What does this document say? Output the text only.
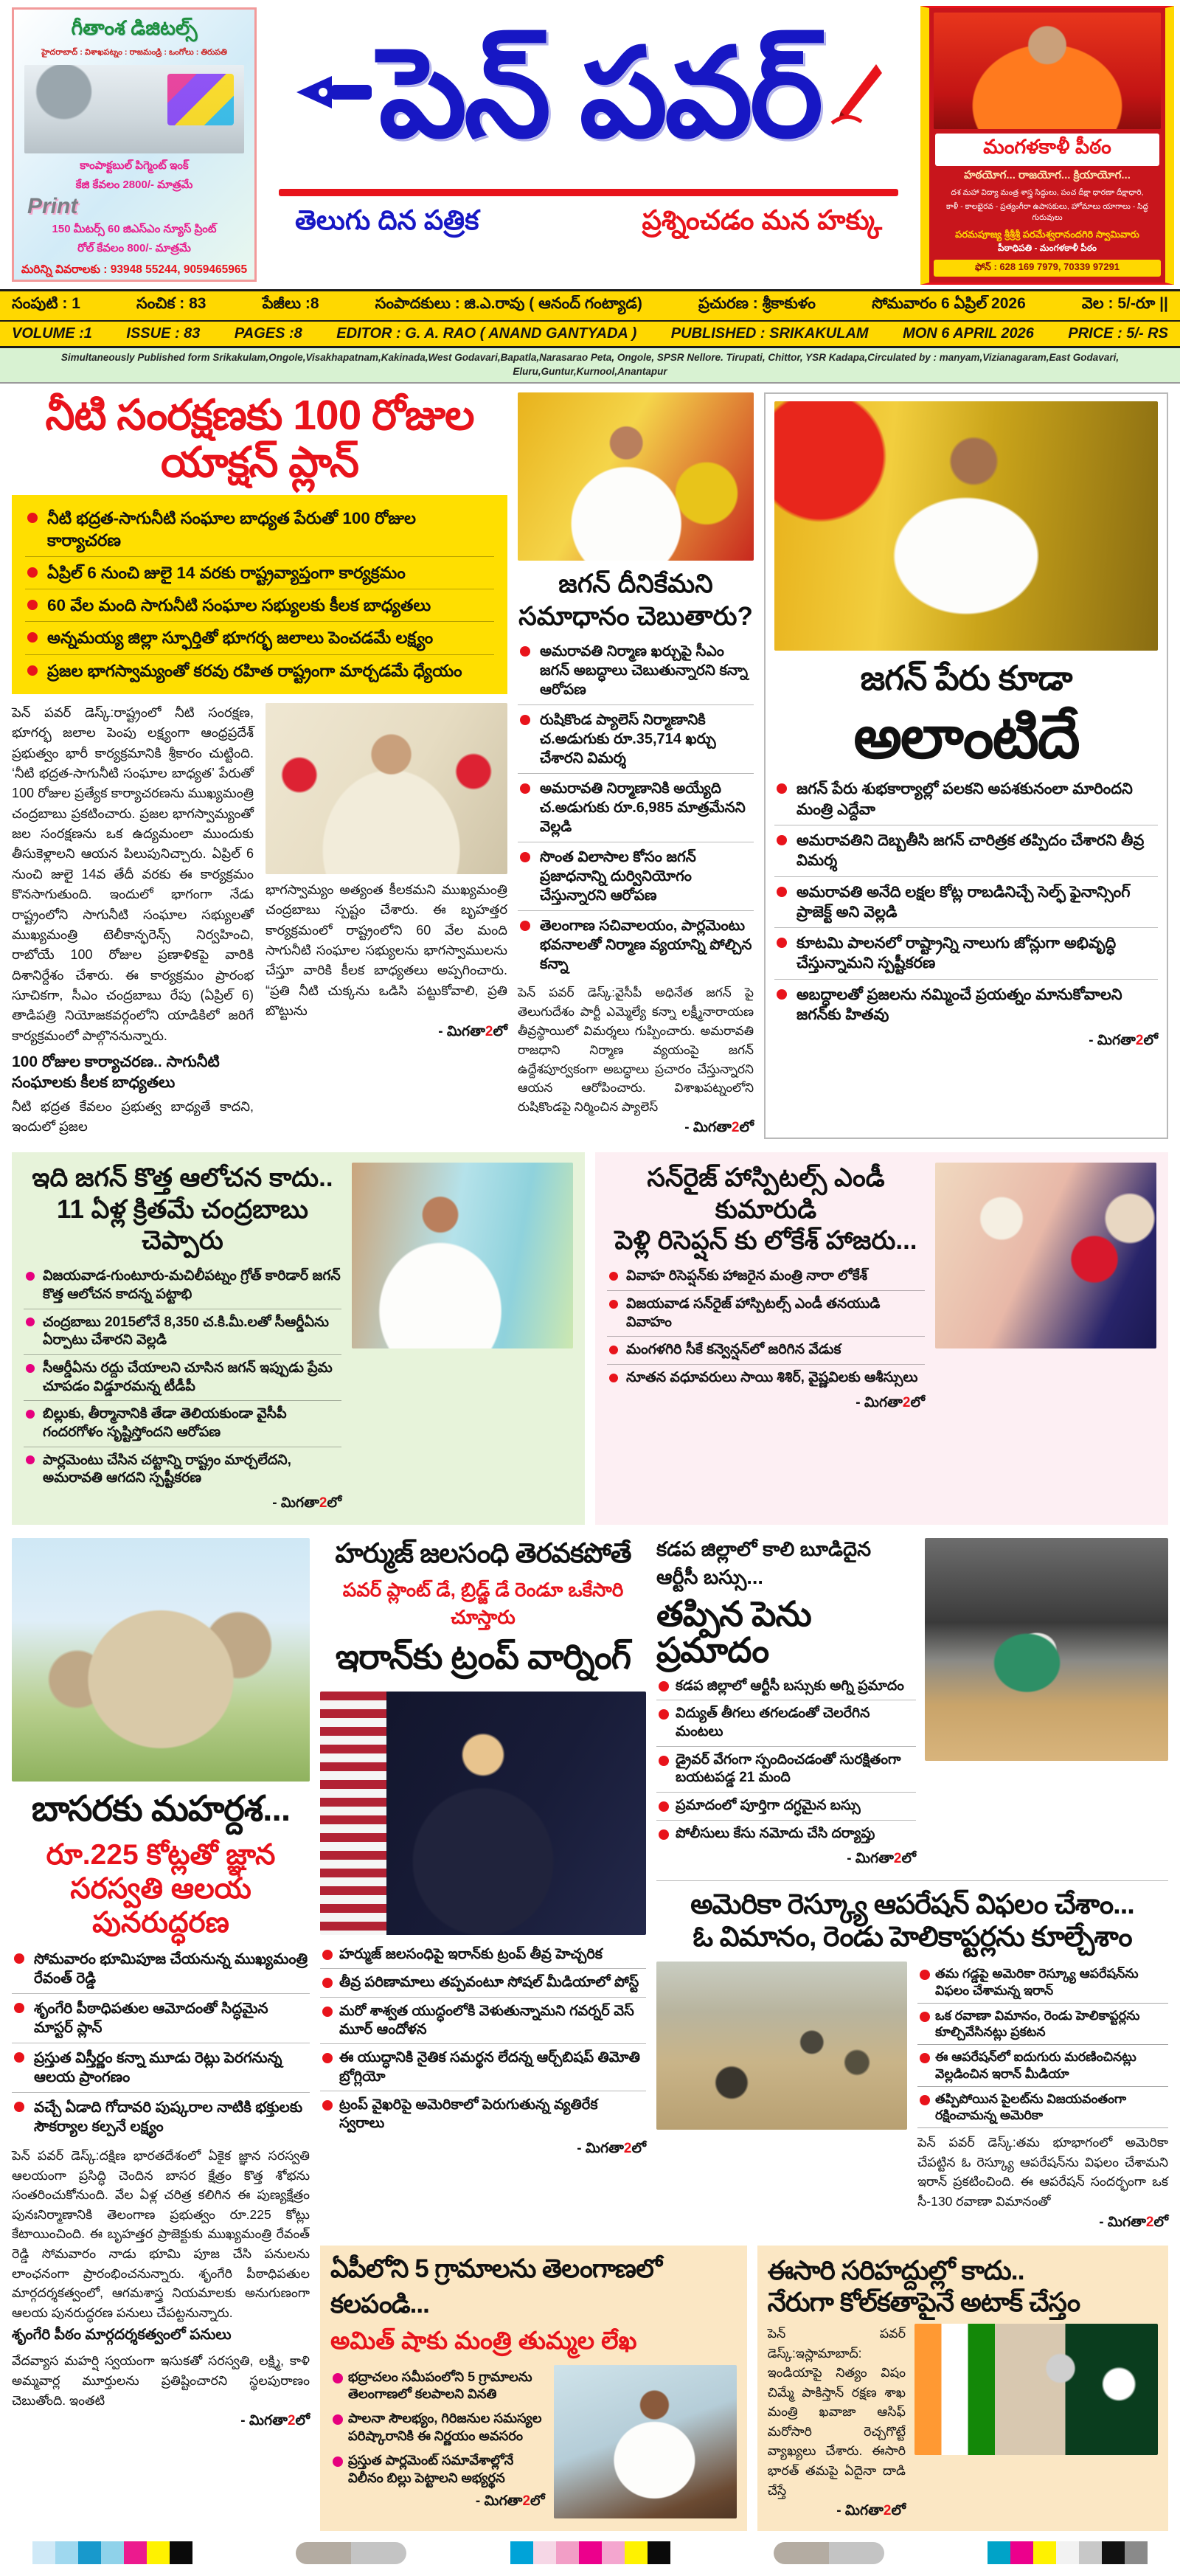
గీతాంశ డిజిటల్స్
హైదరాబాద్ : విశాఖపట్నం : రాజమండ్రి : ఒంగోలు : తిరుపతి
కాంపాక్టబుల్ పిగ్మెంట్ ఇంక్
కేజి కేవలం 2800/- మాత్రమే
Print
150 మీటర్స్ 60 జిఎస్ఎం న్యూస్ ప్రింట్
రోల్ కేవలం 800/- మాత్రమే
మరిన్ని వివరాలకు : 93948 55244, 9059465965
పెన్ పవర్
తెలుగు దిన పత్రిక	ప్రశ్నించడం మన హక్కు
మంగళకాళీ పీఠం
హఠయోగ... రాజయోగ... క్రియాయోగ...
దశ మహా విద్యా మంత్ర శాస్త్ర సిద్ధులు, పంచ దీక్షా ధారణా దీక్షాధారి,
కాళీ - కాలభైరవ - ప్రత్యంగీరా ఉపాసకులు, హోమాలు యాగాలు - సిద్ధ గురువులు
పరమపూజ్య శ్రీశ్రీశ్రీ పరమేశ్వరానందగిరి స్వామివారు
పీఠాధిపతి - మంగళకాళీ పీఠం
ఫోన్ : 628 169 7979, 70339 97291
సంపుటి : 1	సంచిక : 83	పేజీలు :8	సంపాదకులు : జి.ఎ.రావు ( ఆనంద్ గంట్యాడ)	ప్రచురణ : శ్రీకాకుళం	సోమవారం 6 ఏప్రిల్ 2026	వెల : 5/-రూ ||
VOLUME :1 ISSUE : 83 PAGES :8 EDITOR : G. A. RAO ( ANAND GANTYADA ) PUBLISHED : SRIKAKULAM MON 6 APRIL 2026 PRICE : 5/- RS
Simultaneously Published form Srikakulam,Ongole,Visakhapatnam,Kakinada,West Godavari,Bapatla,Narasarao Peta, Ongole, SPSR Nellore. Tirupati, Chittor, YSR Kadapa,Circulated by : manyam,Vizianagaram,East Godavari, Eluru,Guntur,Kurnool,Anantapur
నీటి సంరక్షణకు 100 రోజుల యాక్షన్ ప్లాన్
నీటి భద్రత-సాగునీటి సంఘాల బాధ్యత పేరుతో 100 రోజుల కార్యాచరణ
ఏప్రిల్ 6 నుంచి జులై 14 వరకు రాష్ట్రవ్యాప్తంగా కార్యక్రమం
60 వేల మంది సాగునీటి సంఘాల సభ్యులకు కీలక బాధ్యతలు
అన్నమయ్య జిల్లా స్ఫూర్తితో భూగర్భ జలాలు పెంచడమే లక్ష్యం
ప్రజల భాగస్వామ్యంతో కరవు రహిత రాష్ట్రంగా మార్చడమే ధ్యేయం

పెన్ పవర్ డెస్క్:రాష్ట్రంలో నీటి సంరక్షణ, భూగర్భ జలాల పెంపు లక్ష్యంగా ఆంధ్రప్రదేశ్ ప్రభుత్వం భారీ కార్యక్రమానికి శ్రీకారం చుట్టింది. ‘నీటి భద్రత-సాగునీటి సంఘాల బాధ్యత’ పేరుతో 100 రోజుల ప్రత్యేక కార్యాచరణను ముఖ్యమంత్రి చంద్రబాబు ప్రకటించారు. ప్రజల భాగస్వామ్యంతో జల సంరక్షణను ఒక ఉద్యమంలా ముందుకు తీసుకెళ్లాలని ఆయన పిలుపునిచ్చారు. ఏప్రిల్ 6 నుంచి జులై 14వ తేదీ వరకు ఈ కార్యక్రమం కొనసాగుతుంది. ఇందులో భాగంగా నేడు రాష్ట్రంలోని సాగునీటి సంఘాల సభ్యులతో ముఖ్యమంత్రి టెలీకాన్ఫరెన్స్ నిర్వహించి, రాబోయే 100 రోజుల ప్రణాళికపై వారికి దిశానిర్దేశం చేశారు. ఈ కార్యక్రమం ప్రారంభ సూచికగా, సీఎం చంద్రబాబు రేపు (ఏప్రిల్ 6) తాడిపత్రి నియోజకవర్గంలోని యాడికిలో జరిగే కార్యక్రమంలో పాల్గొననున్నారు.

100 రోజుల కార్యాచరణ.. సాగునీటి సంఘాలకు కీలక బాధ్యతలు

నీటి భద్రత కేవలం ప్రభుత్వ బాధ్యతే కాదని, ఇందులో ప్రజల

భాగస్వామ్యం అత్యంత కీలకమని ముఖ్యమంత్రి చంద్రబాబు స్పష్టం చేశారు. ఈ బృహత్తర కార్యక్రమంలో రాష్ట్రంలోని 60 వేల మంది సాగునీటి సంఘాల సభ్యులను భాగస్వాములను చేస్తూ వారికి కీలక బాధ్యతలు అప్పగించారు. “ప్రతి నీటి చుక్కను ఒడిసి పట్టుకోవాలి, ప్రతి బొట్టును

- మిగతా2లో
జగన్ దీనికేమని సమాధానం చెబుతారు?
అమరావతి నిర్మాణ ఖర్చుపై సీఎం జగన్ అబద్ధాలు చెబుతున్నారని కన్నా ఆరోపణ
రుషికొండ ప్యాలెస్ నిర్మాణానికి చ.అడుగుకు రూ.35,714 ఖర్చు చేశారని విమర్శ
అమరావతి నిర్మాణానికి అయ్యేది చ.అడుగుకు రూ.6,985 మాత్రమేనని వెల్లడి
సొంత విలాసాల కోసం జగన్ ప్రజాధనాన్ని దుర్వినియోగం చేస్తున్నారని ఆరోపణ
తెలంగాణ సచివాలయం, పార్లమెంటు భవనాలతో నిర్మాణ వ్యయాన్ని పోల్చిన కన్నా

పెన్ పవర్ డెస్క్:వైసీపీ అధినేత జగన్ పై తెలుగుదేశం పార్టీ ఎమ్మెల్యే కన్నా లక్ష్మీనారాయణ తీవ్రస్థాయిలో విమర్శలు గుప్పించారు. అమరావతి రాజధాని నిర్మాణ వ్యయంపై జగన్ ఉద్దేశపూర్వకంగా అబద్ధాలు ప్రచారం చేస్తున్నారని ఆయన ఆరోపించారు. విశాఖపట్నంలోని రుషికొండపై నిర్మించిన ప్యాలెస్

- మిగతా2లో
జగన్ పేరు కూడా
అలాంటిదే
జగన్ పేరు శుభకార్యాల్లో పలకని అపశకునంలా మారిందని మంత్రి ఎద్దేవా
అమరావతిని దెబ్బతీసి జగన్ చారిత్రక తప్పిదం చేశారని తీవ్ర విమర్శ
అమరావతి అనేది లక్షల కోట్ల రాబడినిచ్చే సెల్ఫ్ ఫైనాన్సింగ్ ప్రాజెక్ట్ అని వెల్లడి
కూటమి పాలనలో రాష్ట్రాన్ని నాలుగు జోన్లుగా అభివృద్ధి చేస్తున్నామని స్పష్టీకరణ
అబద్ధాలతో ప్రజలను నమ్మించే ప్రయత్నం మానుకోవాలని జగన్‌కు హితవు
- మిగతా2లో
ఇది జగన్ కొత్త ఆలోచన కాదు..
11 ఏళ్ల క్రితమే చంద్రబాబు చెప్పారు
విజయవాడ-గుంటూరు-మచిలీపట్నం గ్రోత్ కారిడార్ జగన్ కొత్త ఆలోచన కాదన్న పట్టాభి
చంద్రబాబు 2015లోనే 8,350 చ.కి.మీ.లతో సీఆర్డీఏను ఏర్పాటు చేశారని వెల్లడి
సీఆర్డీఏను రద్దు చేయాలని చూసిన జగన్ ఇప్పుడు ప్రేమ చూపడం విడ్డూరమన్న టీడీపీ
బిల్లుకు, తీర్మానానికి తేడా తెలియకుండా వైసీపీ గందరగోళం సృష్టిస్తోందని ఆరోపణ
పార్లమెంటు చేసిన చట్టాన్ని రాష్ట్రం మార్చలేదని, అమరావతి ఆగదని స్పష్టీకరణ
- మిగతా2లో
సన్‌రైజ్ హాస్పిటల్స్ ఎండీ కుమారుడి
పెళ్లి రిసెప్షన్ కు లోకేశ్ హాజరు...
వివాహ రిసెప్షన్‌కు హాజరైన మంత్రి నారా లోకేశ్
విజయవాడ సన్‌రైజ్ హాస్పిటల్స్ ఎండీ తనయుడి వివాహం
మంగళగిరి సీకే కన్వెన్షన్‌లో జరిగిన వేడుక
నూతన వధూవరులు సాయి శిశిర్, వైష్ణవిలకు ఆశీస్సులు
- మిగతా2లో
బాసరకు మహర్దశ...
రూ.225 కోట్లతో జ్ఞాన సరస్వతి ఆలయ పునరుద్ధరణ
సోమవారం భూమిపూజ చేయనున్న ముఖ్యమంత్రి రేవంత్ రెడ్డి
శృంగేరి పీఠాధిపతుల ఆమోదంతో సిద్ధమైన మాస్టర్ ప్లాన్
ప్రస్తుత విస్తీర్ణం కన్నా మూడు రెట్లు పెరగనున్న ఆలయ ప్రాంగణం
వచ్చే ఏడాది గోదావరి పుష్కరాల నాటికి భక్తులకు సౌకర్యాల కల్పనే లక్ష్యం

పెన్ పవర్ డెస్క్:దక్షిణ భారతదేశంలో ఏకైక జ్ఞాన సరస్వతి ఆలయంగా ప్రసిద్ధి చెందిన బాసర క్షేత్రం కొత్త శోభను సంతరించుకోనుంది. వేల ఏళ్ల చరిత్ర కలిగిన ఈ పుణ్యక్షేత్రం పునఃనిర్మాణానికి తెలంగాణ ప్రభుత్వం రూ.225 కోట్లు కేటాయించింది. ఈ బృహత్తర ప్రాజెక్టుకు ముఖ్యమంత్రి రేవంత్ రెడ్డి సోమవారం నాడు భూమి పూజ చేసి పనులను లాంఛనంగా ప్రారంభించనున్నారు. శృంగేరి పీఠాధిపతుల మార్గదర్శకత్వంలో, ఆగమశాస్త్ర నియమాలకు అనుగుణంగా ఆలయ పునరుద్ధరణ పనులు చేపట్టనున్నారు.

శృంగేరి పీఠం మార్గదర్శకత్వంలో పనులు

వేదవ్యాస మహర్షి స్వయంగా ఇసుకతో సరస్వతి, లక్ష్మి, కాళి అమ్మవార్ల మూర్తులను ప్రతిష్టించారని స్థలపురాణం చెబుతోంది. ఇంతటి

- మిగతా2లో
హర్ముజ్ జలసంధి తెరవకపోతే
పవర్ ప్లాంట్ డే, బ్రిడ్జ్ డే రెండూ ఒకేసారి చూస్తారు
ఇరాన్‌కు ట్రంప్ వార్నింగ్
హర్ముజ్ జలసంధిపై ఇరాన్‌కు ట్రంప్ తీవ్ర హెచ్చరిక
తీవ్ర పరిణామాలు తప్పవంటూ సోషల్ మీడియాలో పోస్ట్
మరో శాశ్వత యుద్ధంలోకి వెళుతున్నామని గవర్నర్ వెస్ మూర్ ఆందోళన
ఈ యుద్ధానికి నైతిక సమర్థన లేదన్న ఆర్చ్‌బిషప్ తిమోతి బ్రోగ్లియో
ట్రంప్ వైఖరిపై అమెరికాలో పెరుగుతున్న వ్యతిరేక స్వరాలు
- మిగతా2లో
కడప జిల్లాలో కాలి బూడిదైన ఆర్టీసీ బస్సు...
తప్పిన పెను ప్రమాదం
కడప జిల్లాలో ఆర్టీసీ బస్సుకు అగ్ని ప్రమాదం
విద్యుత్ తీగలు తగలడంతో చెలరేగిన మంటలు
డ్రైవర్ వేగంగా స్పందించడంతో సురక్షితంగా బయటపడ్డ 21 మంది
ప్రమాదంలో పూర్తిగా దగ్ధమైన బస్సు
పోలీసులు కేసు నమోదు చేసి దర్యాప్తు
- మిగతా2లో
అమెరికా రెస్క్యూ ఆపరేషన్ విఫలం చేశాం...
ఓ విమానం, రెండు హెలికాప్టర్లను కూల్చేశాం
తమ గడ్డపై అమెరికా రెస్క్యూ ఆపరేషన్‌ను విఫలం చేశామన్న ఇరాన్
ఒక రవాణా విమానం, రెండు హెలికాప్టర్లను కూల్చివేసినట్లు ప్రకటన
ఈ ఆపరేషన్‌లో ఐదుగురు మరణించినట్లు వెల్లడించిన ఇరాన్ మీడియా
తప్పిపోయిన పైలట్‌ను విజయవంతంగా రక్షించామన్న అమెరికా

పెన్ పవర్ డెస్క్:తమ భూభాగంలో అమెరికా చేపట్టిన ఓ రెస్క్యూ ఆపరేషన్‌ను విఫలం చేశామని ఇరాన్ ప్రకటించింది. ఈ ఆపరేషన్ సందర్భంగా ఒక సీ-130 రవాణా విమానంతో

- మిగతా2లో
ఏపీలోని 5 గ్రామాలను తెలంగాణలో కలపండి...
అమిత్ షాకు మంత్రి తుమ్మల లేఖ
భద్రాచలం సమీపంలోని 5 గ్రామాలను తెలంగాణలో కలపాలని వినతి
పాలనా సౌలభ్యం, గిరిజనుల సమస్యల పరిష్కారానికి ఈ నిర్ణయం అవసరం
ప్రస్తుత పార్లమెంట్ సమావేశాల్లోనే విలీనం బిల్లు పెట్టాలని అభ్యర్థన
- మిగతా2లో
ఈసారి సరిహద్దుల్లో కాదు..
నేరుగా కోల్‌కతాపైనే అటాక్ చేస్తం

పెన్ పవర్ డెస్క్:ఇస్లామాబాద్: ఇండియాపై నిత్యం విషం చిమ్మే పాకిస్తాన్ రక్షణ శాఖ మంత్రి ఖవాజా ఆసిఫ్ మరోసారి రెచ్చగొట్టే వ్యాఖ్యలు చేశారు. ఈసారి భారత్ తమపై ఏదైనా దాడి చేస్తే

- మిగతా2లో
